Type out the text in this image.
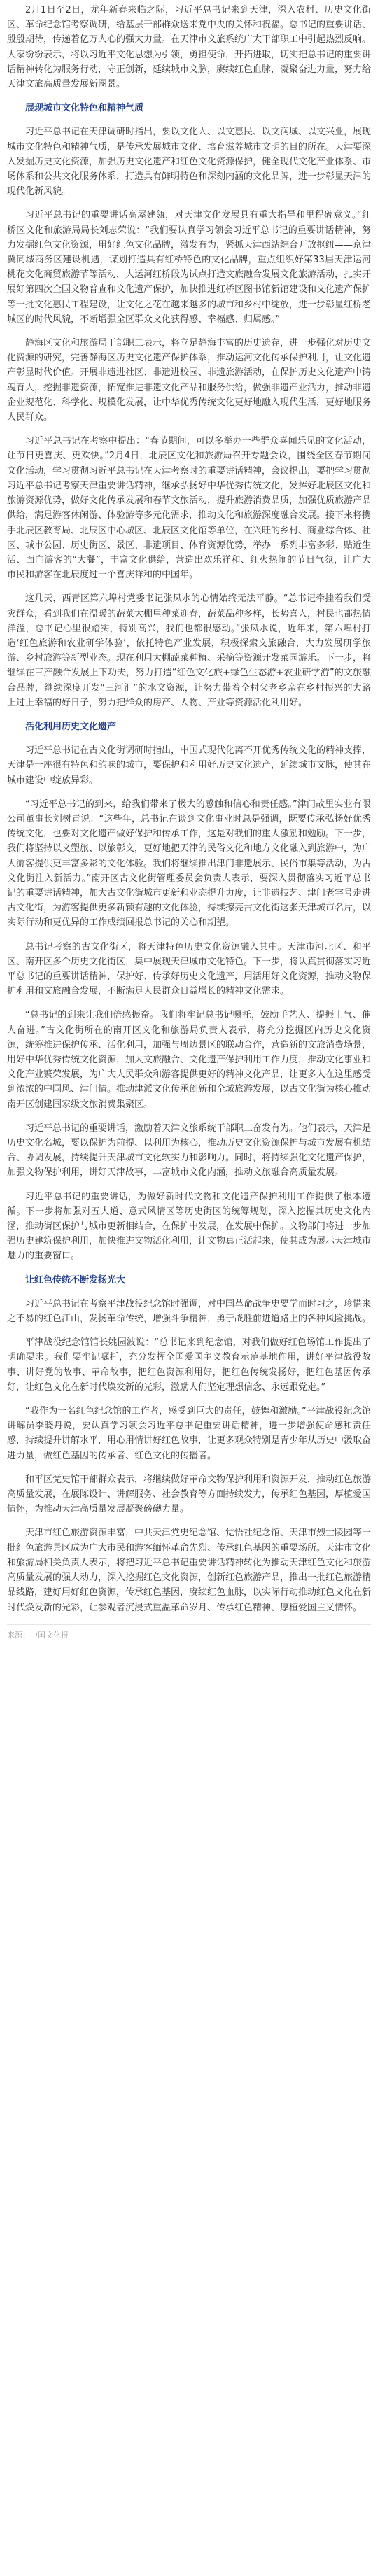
2月1日至2日，龙年新春来临之际，习近平总书记来到天津，深入农村、历史文化街区、革命纪念馆考察调研，给基层干部群众送来党中央的关怀和祝福。总书记的重要讲话、殷殷期待，传递着亿万人心的强大力量。在天津市文旅系统广大干部职工中引起热烈反响。大家纷纷表示，将以习近平文化思想为引领，勇担使命，开拓进取，切实把总书记的重要讲话精神转化为服务行动，守正创新，延续城市文脉，赓续红色血脉，凝聚奋进力量，努力给天津文旅高质量发展新图景。

展现城市文化特色和精神气质

习近平总书记在天津调研时指出，要以文化人、以文惠民、以文润城、以文兴业，展现城市文化特色和精神气质，是传承发展城市文化、培育滋养城市文明的目的所在。天津要深入发掘历史文化资源，加强历史文化遗产和红色文化资源保护，健全现代文化产业体系、市场体系和公共文化服务体系，打造具有鲜明特色和深刻内涵的文化品牌，进一步彰显天津的现代化新风貌。

习近平总书记的重要讲话高屋建瓴，对天津文化发展具有重大指导和里程碑意义。”红桥区文化和旅游局局长刘志荣说：“我们要认真学习领会习近平总书记的重要讲话精神，努力发掘红色文化资源，用好红色文化品牌，激发有为，紧抓天津西站综合开放枢纽——京津冀同城商务区建设机遇，谋划打造具有红桥特色的文化品牌，重点组织好第33届天津运河桃花文化商贸旅游节等活动，大运河红桥段为试点打造文旅融合发展文化旅游活动，扎实开展好第四次全国文物普查和文化遗产保护，加快推进红桥区图书馆新馆建设和文化遗产保护等一批文化惠民工程建设，让文化之花在越来越多的城市和乡村中绽放，进一步彰显红桥老城区的时代风貌，不断增强全区群众文化获得感、幸福感、归属感。”

静海区文化和旅游局干部职工表示，将立足静海丰富的历史遗存，进一步强化对历史文化资源的研究，完善静海区历史文化遗产保护体系，推动运河文化传承保护利用，让文化遗产彰显时代价值。开展非遗进社区、非遗进校园、非遗旅游活动，在保护历史文化遗产中铸魂育人，挖掘非遗资源，拓宽推进非遗文化产品和服务供给，做强非遗产业活力，推动非遗企业规范化、科学化、规模化发展，让中华优秀传统文化更好地融入现代生活，更好地服务人民群众。

习近平总书记在考察中提出：“春节期间，可以多举办一些群众喜闻乐见的文化活动，让节日更喜庆、更欢快。”2月4日，北辰区文化和旅游局召开专题会议，围绕全区春节期间文化活动，学习贯彻习近平总书记在天津考察时的重要讲话精神，会议提出，要把学习贯彻习近平总书记考察天津重要讲话精神，继承弘扬好中华优秀传统文化，发挥好北辰区文化和旅游资源优势，做好文化传承发展和春节文旅活动，提升旅游消费品质，加强优质旅游产品供给，满足游客休闲游、体验游等多元化需求，推动文化和旅游深度融合发展。接下来将携手北辰区教育局、北辰区中心城区、北辰区文化馆等单位，在兴旺的乡村、商业综合体、社区、城市公园、历史街区、景区、非遗项目、体育资源优势，举办一系列丰富多彩、贴近生活、面向游客的“大餐”，丰富文化供给，营造出欢乐祥和、红火热闹的节日气氛，让广大市民和游客在北辰度过一个喜庆祥和的中国年。

这几天，西青区第六埠村党委书记张凤水的心情始终无法平静。“总书记牵挂着我们受灾群众，看到我们在温暖的蔬菜大棚里种菜迎春，蔬菜品种多样，长势喜人，村民也都热情洋溢，总书记心里很踏实，特别高兴，我们也都很感动。”张凤水说，近年来，第六埠村打造‘红色旅游和农业研学体验’，依托特色产业发展，积极探索文旅融合，大力发展研学旅游、乡村旅游等新型业态。现在利用大棚蔬菜种植、采摘等资源开发菜园游乐。下一步，将继续在三产融合发展上下功夫，努力打造“红色文化旅+绿色生态游+农业研学游”的文旅融合品牌，继续深度开发“三河汇”的水文资源，让努力带着全村父老乡亲在乡村振兴的大路上过上幸福的好日子，努力把群众的房产、人物、产业等资源活化利用好。

活化利用历史文化遗产

习近平总书记在古文化街调研时指出，中国式现代化离不开优秀传统文化的精神支撑，天津是一座很有特色和韵味的城市，要保护和利用好历史文化遗产，延续城市文脉，使其在城市建设中绽放异彩。

“习近平总书记的到来，给我们带来了极大的感触和信心和责任感。”津门故里实业有限公司董事长刘树青说：“这些年，总书记在谈到文化事业时总是强调，既要传承弘扬好优秀传统文化，也要对文化遗产做好保护和传承工作，这是对我们的重大激励和勉励。下一步，我们将坚持以文塑旅、以旅彰文，更好地把天津的民俗文化和地方文化融入到旅游中，为广大游客提供更丰富多彩的文化体验。我们将继续推出津门非遗展示、民俗市集等活动，为古文化街注入新活力。”南开区古文化街管理委员会负责人表示，要深入贯彻落实习近平总书记的重要讲话精神，加大古文化街城市更新和业态提升力度，让非遗技艺、津门老字号走进古文化街，为游客提供更多新颖有趣的文化体验，持续擦亮古文化街这张天津城市名片，以实际行动和更优异的工作成绩回报总书记的关心和期望。

总书记考察的古文化街区，将天津特色历史文化资源融入其中。天津市河北区、和平区、南开区多个历史文化街区，集中展现天津城市文化特色。下一步，将认真贯彻落实习近平总书记的重要讲话精神，保护好、传承好历史文化遗产，用活用好文化资源，推动文物保护利用和文旅融合发展，不断满足人民群众日益增长的精神文化需求。

“总书记的到来让我们倍感振奋。我们将牢记总书记嘱托，鼓励手艺人、提振士气、催人奋进。”古文化街所在的南开区文化和旅游局负责人表示，将充分挖掘区内历史文化资源，统筹推进保护传承、活化利用，加强与周边景区的联动合作，营造新的文旅消费场景，用好中华优秀传统文化资源，加大文旅融合、文化遗产保护利用工作力度，推动文化事业和文化产业繁荣发展，为广大人民群众和游客提供更好的精神文化产品，让更多人在这里感受到浓浓的中国风、津门情。推动津派文化传承创新和全域旅游发展，以古文化街为核心推动南开区创建国家级文旅消费集聚区。

习近平总书记的重要讲话，激励着天津文旅系统干部职工奋发有为。他们表示，天津是历史文化名城，要以保护为前提、以利用为核心，推动历史文化资源保护与城市发展有机结合、协调发展，持续提升天津城市文化软实力和影响力。同时，将持续强化文化遗产保护，加强文物保护利用，讲好天津故事，丰富城市文化内涵，推动文旅融合高质量发展。

习近平总书记的重要讲话，为做好新时代文物和文化遗产保护利用工作提供了根本遵循。下一步将加强对五大道、意式风情区等历史街区的统筹规划，深入挖掘其历史文化内涵，推动街区保护与城市更新相结合，在保护中发展，在发展中保护。文物部门将进一步加强历史建筑保护利用，加快推进文物活化利用，让文物真正活起来，使其成为展示天津城市魅力的重要窗口。

让红色传统不断发扬光大

习近平总书记在考察平津战役纪念馆时强调，对中国革命战争史要学而时习之，珍惜来之不易的红色江山，发扬革命传统，增强斗争精神，勇于战胜前进道路上的各种风险挑战。

平津战役纪念馆馆长姚园波说：“总书记来到纪念馆，对我们做好红色场馆工作提出了明确要求。我们要牢记嘱托，充分发挥全国爱国主义教育示范基地作用，讲好平津战役故事、讲好党的故事、革命故事，把红色资源利用好，把红色传统发扬好，把红色基因传承好，让红色文化在新时代焕发新的光彩，激励人们坚定理想信念、永远跟党走。”

“我作为一名红色纪念馆的工作者，感受到巨大的责任，鼓舞和激励。”平津战役纪念馆讲解员李晓丹说，要认真学习领会习近平总书记重要讲话精神，进一步增强使命感和责任感，持续提升讲解水平，用心用情讲好红色故事，让更多观众特别是青少年从历史中汲取奋进力量，做红色基因的传承者、红色文化的传播者。

和平区党史馆干部群众表示，将继续做好革命文物保护利用和资源开发，推动红色旅游高质量发展，在展陈设计、讲解服务、社会教育等方面持续发力，传承红色基因，厚植爱国情怀，为推动天津高质量发展凝聚磅礴力量。

天津市红色旅游资源丰富，中共天津党史纪念馆、觉悟社纪念馆、天津市烈士陵园等一批红色旅游景区成为广大市民和游客缅怀革命先烈、传承红色基因的重要场所。天津市文化和旅游局相关负责人表示，将把习近平总书记重要讲话精神转化为推动天津红色文化和旅游高质量发展的强大动力，深入挖掘红色文化资源，创新红色旅游产品，推出一批红色旅游精品线路，建好用好红色资源，传承红色基因，赓续红色血脉，以实际行动推动红色文化在新时代焕发新的光彩，让参观者沉浸式重温革命岁月、传承红色精神、厚植爱国主义情怀。

来源：中国文化报
